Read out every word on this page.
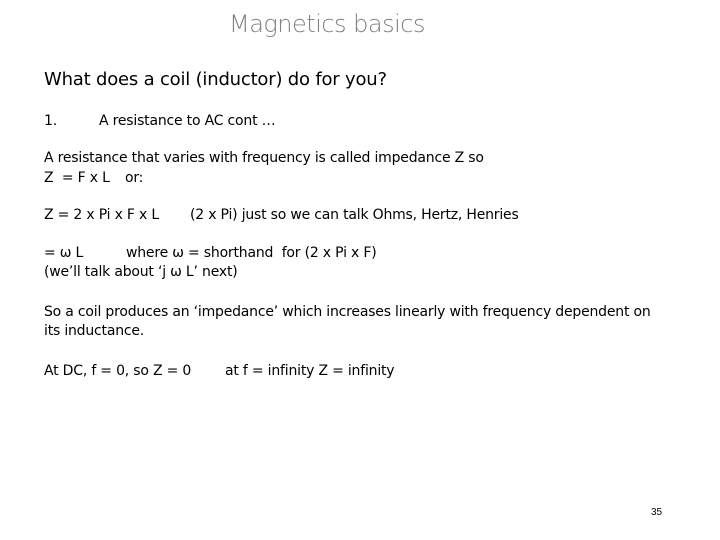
Magnetics basics
What does a coil (inductor) do for you?
1.	A resistance to AC cont …
A resistance that varies with frequency is called impedance Z so
Z  = F x L or:
Z = 2 x Pi x F x L (2 x Pi) just so we can talk Ohms, Hertz, Henries
= ω L	where ω = shorthand  for (2 x Pi x F)
(we’ll talk about ‘j ω L’ next)
So a coil produces an ‘impedance’ which increases linearly with frequency dependent on
its inductance.
At DC, f = 0, so Z = 0 at f = infinity Z = infinity
35
